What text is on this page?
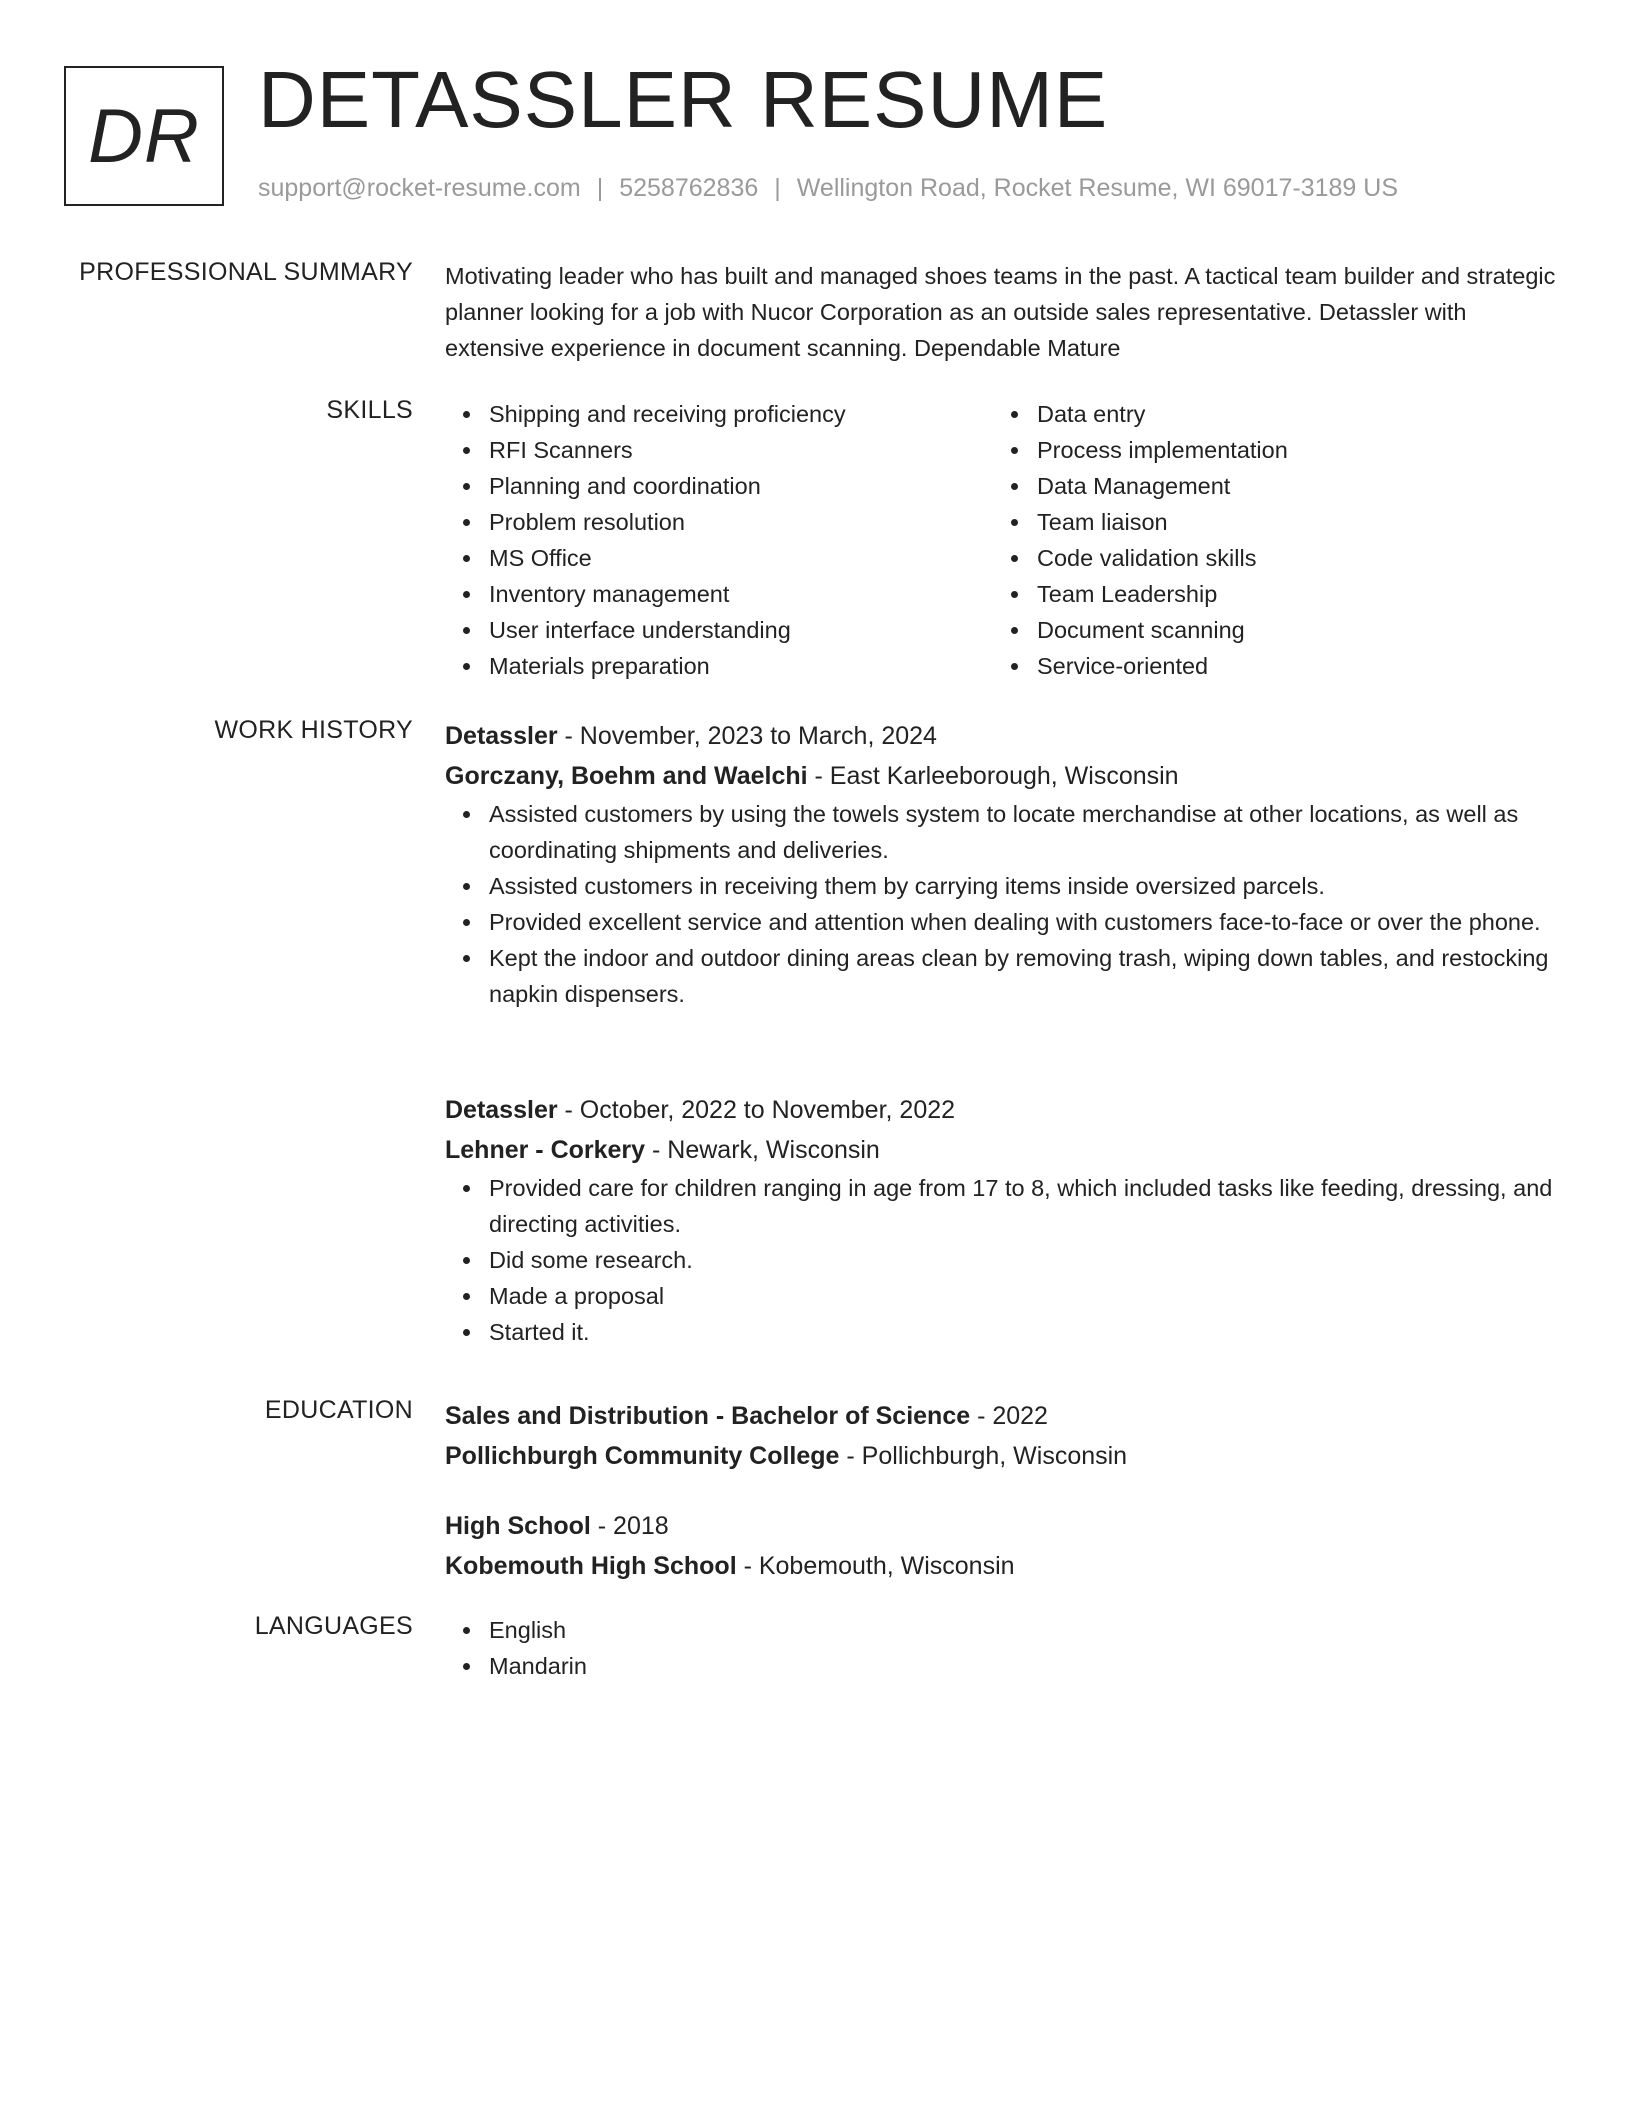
DR DETASSLER RESUME
support@rocket-resume.com | 5258762836 | Wellington Road, Rocket Resume, WI 69017-3189 US
PROFESSIONAL SUMMARY Motivating leader who has built and managed shoes teams in the past. A tactical team builder and strategic planner looking for a job with Nucor Corporation as an outside sales representative. Detassler with extensive experience in document scanning. Dependable Mature

SKILLS	Shipping and receiving proficiency
RFI Scanners
Planning and coordination
Problem resolution
MS Office
Inventory management
User interface understanding
Materials preparation
Data entry
Process implementation
Data Management
Team liaison
Code validation skills
Team Leadership
Document scanning
Service-oriented
WORK HISTORY Detassler - November, 2023 to March, 2024
Gorczany, Boehm and Waelchi - East Karleeborough, Wisconsin
Assisted customers by using the towels system to locate merchandise at other locations, as well as coordinating shipments and deliveries.
Assisted customers in receiving them by carrying items inside oversized parcels.
Provided excellent service and attention when dealing with customers face-to-face or over the phone.
Kept the indoor and outdoor dining areas clean by removing trash, wiping down tables, and restocking napkin dispensers.
Detassler - October, 2022 to November, 2022
Lehner - Corkery - Newark, Wisconsin
Provided care for children ranging in age from 17 to 8, which included tasks like feeding, dressing, and directing activities.
Did some research.
Made a proposal
Started it.
EDUCATION Sales and Distribution - Bachelor of Science - 2022
Pollichburgh Community College - Pollichburgh, Wisconsin
High School - 2018
Kobemouth High School - Kobemouth, Wisconsin
LANGUAGES	English
Mandarin
